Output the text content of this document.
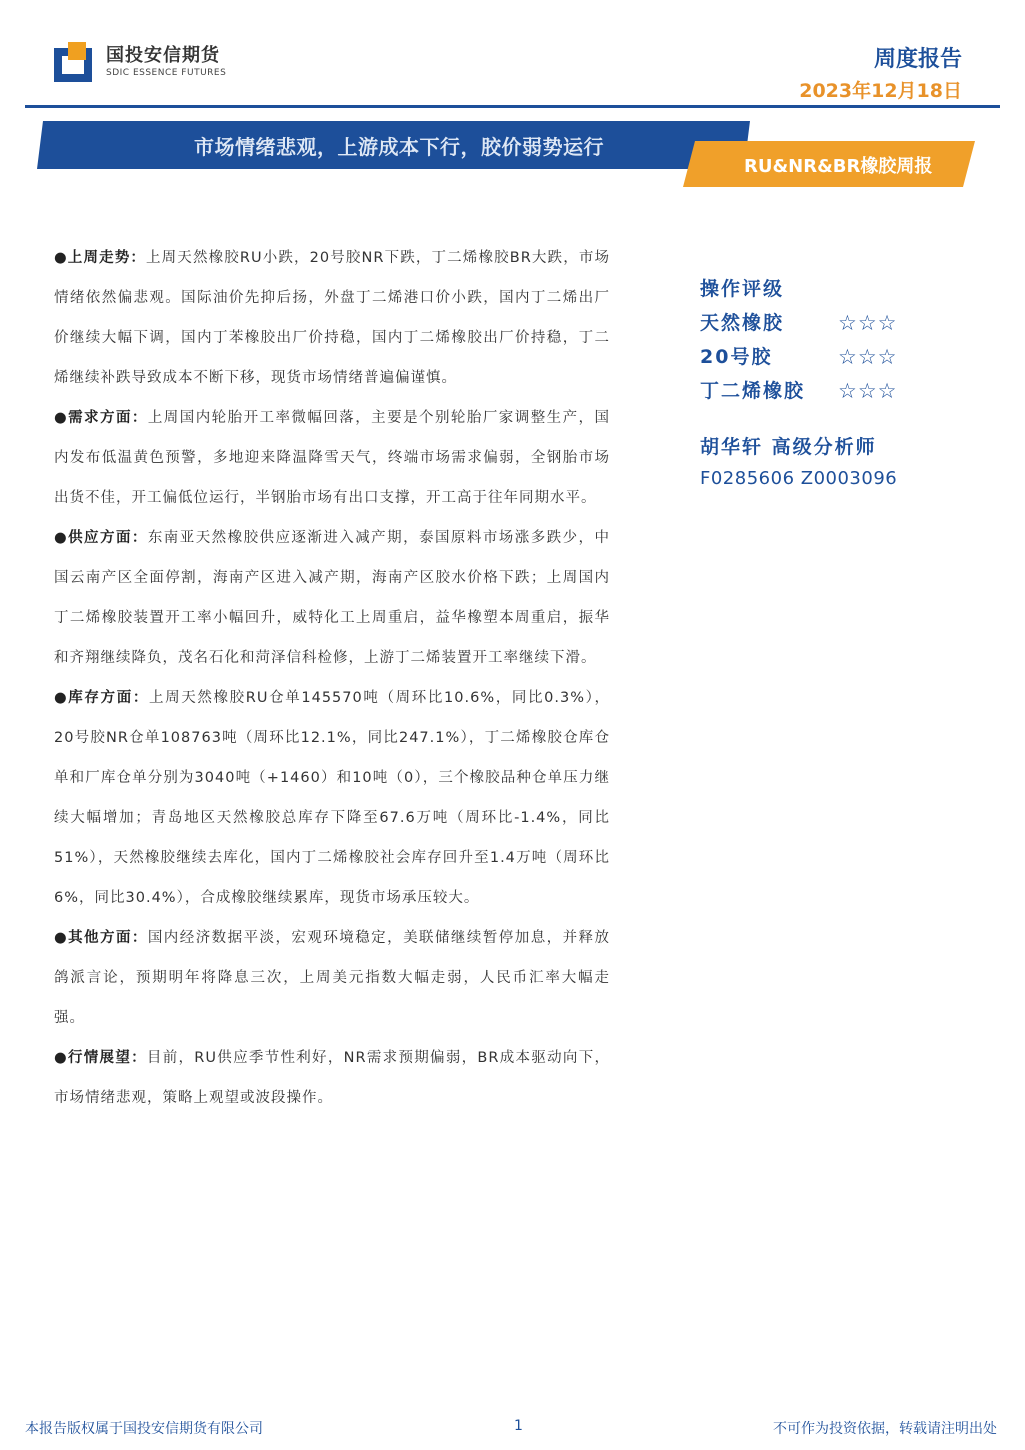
国投安信期货
SDIC ESSENCE FUTURES
周度报告
2023年12月18日
市场情绪悲观，上游成本下行，胶价弱势运行
RU&NR&BR橡胶周报

●上周走势：上周天然橡胶RU小跌，20号胶NR下跌，丁二烯橡胶BR大跌，市场情绪依然偏悲观。国际油价先抑后扬，外盘丁二烯港口价小跌，国内丁二烯出厂价继续大幅下调，国内丁苯橡胶出厂价持稳，国内丁二烯橡胶出厂价持稳，丁二烯继续补跌导致成本不断下移，现货市场情绪普遍偏谨慎。

●需求方面：上周国内轮胎开工率微幅回落，主要是个别轮胎厂家调整生产，国内发布低温黄色预警，多地迎来降温降雪天气，终端市场需求偏弱，全钢胎市场出货不佳，开工偏低位运行，半钢胎市场有出口支撑，开工高于往年同期水平。

●供应方面：东南亚天然橡胶供应逐渐进入减产期，泰国原料市场涨多跌少，中国云南产区全面停割，海南产区进入减产期，海南产区胶水价格下跌；上周国内丁二烯橡胶装置开工率小幅回升，威特化工上周重启，益华橡塑本周重启，振华和齐翔继续降负，茂名石化和菏泽信科检修，上游丁二烯装置开工率继续下滑。

●库存方面：上周天然橡胶RU仓单145570吨（周环比10.6%，同比0.3%），20号胶NR仓单108763吨（周环比12.1%，同比247.1%），丁二烯橡胶仓库仓单和厂库仓单分别为3040吨（+1460）和10吨（0），三个橡胶品种仓单压力继续大幅增加；青岛地区天然橡胶总库存下降至67.6万吨（周环比-1.4%，同比51%），天然橡胶继续去库化，国内丁二烯橡胶社会库存回升至1.4万吨（周环比6%，同比30.4%），合成橡胶继续累库，现货市场承压较大。

●其他方面：国内经济数据平淡，宏观环境稳定，美联储继续暂停加息，并释放鸽派言论，预期明年将降息三次，上周美元指数大幅走弱，人民币汇率大幅走强。

●行情展望：目前，RU供应季节性利好，NR需求预期偏弱，BR成本驱动向下，市场情绪悲观，策略上观望或波段操作。

操作评级
天然橡胶	☆☆☆
20号胶	☆☆☆
丁二烯橡胶	☆☆☆
胡华轩 高级分析师
F0285606 Z0003096
本报告版权属于国投安信期货有限公司	1	不可作为投资依据，转载请注明出处
